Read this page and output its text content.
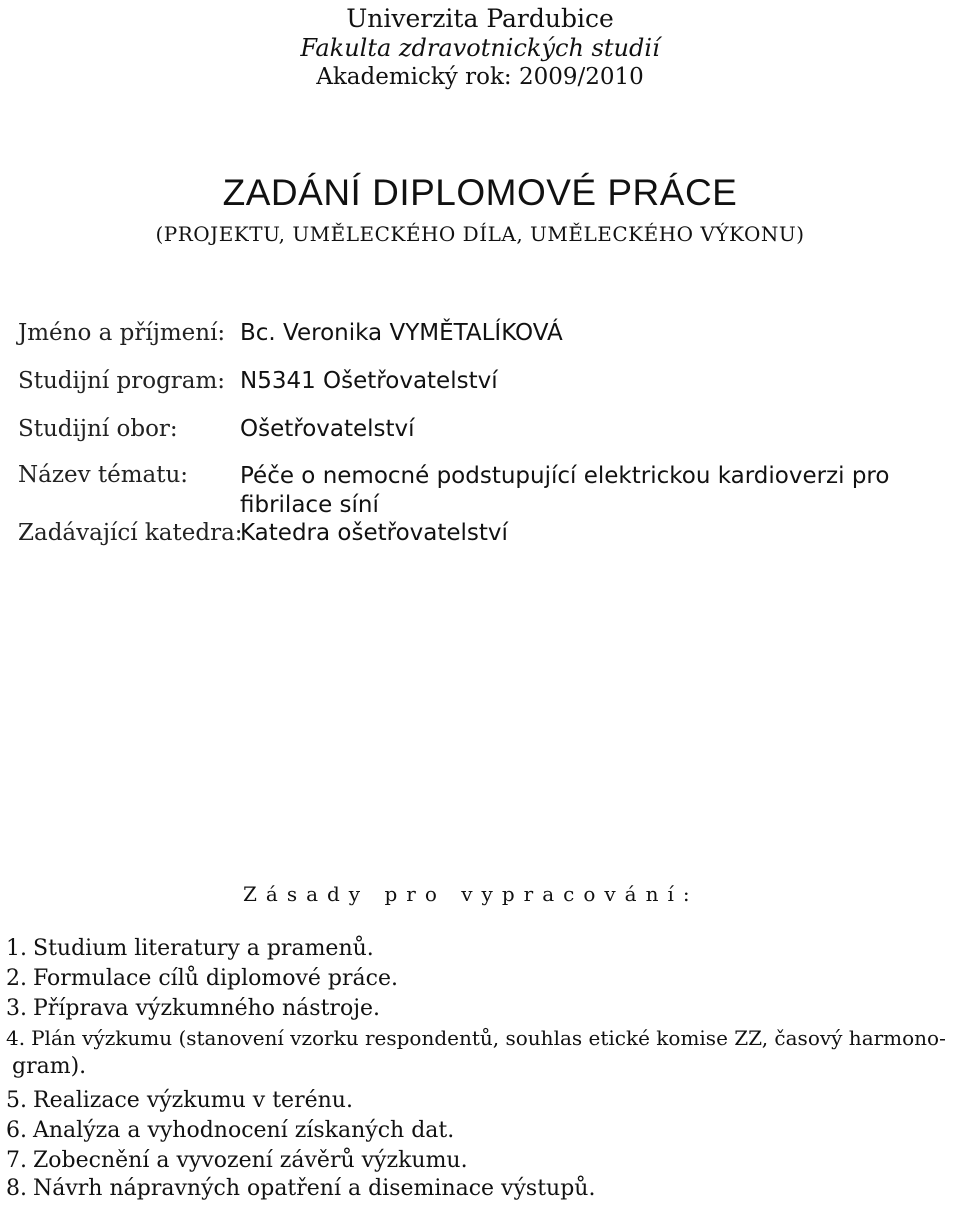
Univerzita Pardubice
Fakulta zdravotnických studií
Akademický rok: 2009/2010
ZADÁNÍ DIPLOMOVÉ PRÁCE
(PROJEKTU, UMĚLECKÉHO DÍLA, UMĚLECKÉHO VÝKONU)
Jméno a příjmení: Bc. Veronika VYMĚTALÍKOVÁ
Studijní program: N5341 Ošetřovatelství
Studijní obor:	Ošetřovatelství
Název tématu: Péče o nemocné podstupující elektrickou kardioverzi pro fibrilace síní
Zadávající katedra:
Katedra ošetřovatelství
Zásady pro vypracování:
1. Studium literatury a pramenů.
2. Formulace cílů diplomové práce.
3. Příprava výzkumného nástroje.
4. Plán výzkumu (stanovení vzorku respondentů, souhlas etické komise ZZ, časový harmono-
gram).
5. Realizace výzkumu v terénu.
6. Analýza a vyhodnocení získaných dat.
7. Zobecnění a vyvození závěrů výzkumu.
8. Návrh nápravných opatření a diseminace výstupů.
